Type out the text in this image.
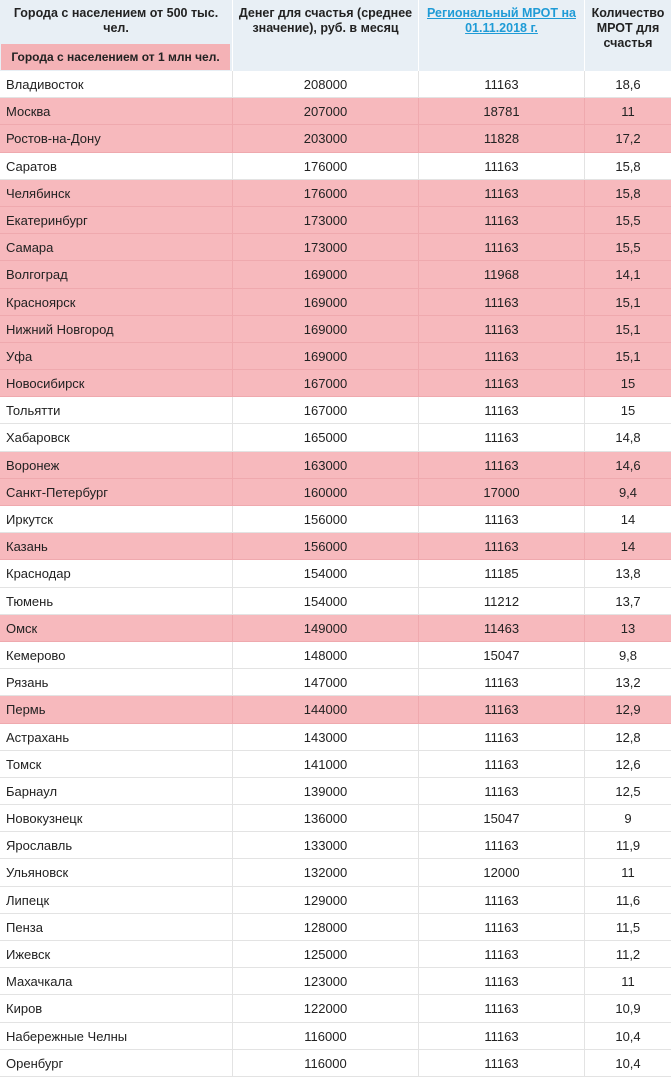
Города с населением от 500 тыс. чел.
Города с населением от 1 млн чел.
Денег для счастья (среднее значение), руб. в месяц
Региональный МРОТ на 01.11.2018 г.
Количество МРОТ для счастья
Владивосток	208000	11163	18,6
Москва	207000	18781	11
Ростов-на-Дону	203000	11828	17,2
Саратов	176000	11163	15,8
Челябинск	176000	11163	15,8
Екатеринбург	173000	11163	15,5
Самара	173000	11163	15,5
Волгоград	169000	11968	14,1
Красноярск	169000	11163	15,1
Нижний Новгород	169000	11163	15,1
Уфа	169000	11163	15,1
Новосибирск	167000	11163	15
Тольятти	167000	11163	15
Хабаровск	165000	11163	14,8
Воронеж	163000	11163	14,6
Санкт-Петербург	160000	17000	9,4
Иркутск	156000	11163	14
Казань	156000	11163	14
Краснодар	154000	11185	13,8
Тюмень	154000	11212	13,7
Омск	149000	11463	13
Кемерово	148000	15047	9,8
Рязань	147000	11163	13,2
Пермь	144000	11163	12,9
Астрахань	143000	11163	12,8
Томск	141000	11163	12,6
Барнаул	139000	11163	12,5
Новокузнецк	136000	15047	9
Ярославль	133000	11163	11,9
Ульяновск	132000	12000	11
Липецк	129000	11163	11,6
Пенза	128000	11163	11,5
Ижевск	125000	11163	11,2
Махачкала	123000	11163	11
Киров	122000	11163	10,9
Набережные Челны	116000	11163	10,4
Оренбург	116000	11163	10,4
